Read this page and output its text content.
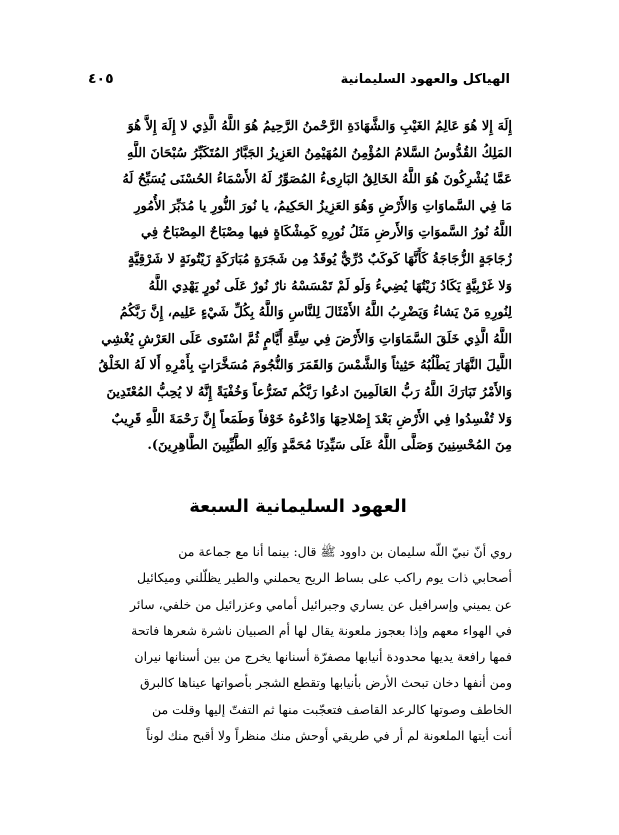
الهياكل والعهود السليمانية
٤٠٥
إِلَهَ إِلا هُوَ عَالِمُ الغَيْبِ وَالشَّهَادَةِ الرَّحْمنُ الرَّحِيمُ هُوَ اللَّهُ الَّذِي لا إِلَهَ إِلاَّ هُوَ
المَلِكُ القُدُّوسُ السَّلامُ المُؤْمِنُ المُهَيْمِنُ العَزِيزُ الجَبَّارُ المُتَكَبِّرُ سُبْحَانَ اللَّهِ
عَمَّا يُشْرِكُونَ هُوَ اللَّهُ الخَالِقُ البَارِىءُ المُصَوِّرُ لَهُ الأَسْمَاءُ الحُسْنَى يُسَبِّحُ لَهُ
مَا فِي السَّماوَاتِ وَالأَرْضِ وَهُوَ العَزِيزُ الحَكِيمُ، يا نُورَ النُّورِ يا مُدَبِّرَ الأُمُورِ
اللَّهُ نُورُ السَّموَاتِ وَالأَرضِ مَثَلُ نُورِهِ كَمِشْكَاةٍ فيها مِصْبَاحٌ المِصْبَاحُ فِي
زُجَاجَةٍ الزُّجَاجَةُ كَأَنَّهَا كَوكَبٌ دُرِّيٌّ يُوقَدُ مِن شَجَرَةٍ مُبَارَكَةٍ زَيْتُونَةٍ لا شَرْقِيَّةٍ
وَلا غَرْبِيَّةٍ يَكَادُ زَيْتُهَا يُضِيءُ وَلَو لَمْ تَمْسَسْهُ نارٌ نُورٌ عَلَى نُورٍ يَهْدِي اللَّهُ
لِنُورِهِ مَنْ يَشاءُ وَيَضْرِبُ اللَّهُ الأَمْثَالَ لِلنَّاسِ وَاللَّهُ بِكُلِّ شَيْءٍ عَلِيم، إِنَّ رَبَّكُمُ
اللَّهُ الَّذِي خَلَقَ السَّمَاوَاتِ وَالأَرْضَ فِي سِتَّةِ أَيَّامٍ ثُمَّ اسْتَوى عَلَى العَرْشِ يُغْشِي
اللَّيلَ النَّهَارَ يَطْلُبُهُ حَثِيثاً وَالشَّمْسَ وَالقَمَرَ وَالنُّجُومَ مُسَخَّرَاتٍ بِأَمْرِهِ أَلا لَهُ الخَلْقُ
وَالأَمْرُ تَبَارَكَ اللَّهُ رَبُّ العَالَمِينَ ادعُوا رَبَّكُم تَضَرُّعاً وَخُفْيَةً إِنَّهُ لا يُحِبُّ المُعْتَدِينَ
وَلا تُفْسِدُوا فِي الأَرْضِ بَعْدَ إِصْلاحِهَا وَادْعُوهُ خَوْفاً وَطَمَعاً إِنَّ رَحْمَةَ اللَّهِ قَرِيبٌ
مِنَ المُحْسِنِينَ وَصَلَّى اللَّهُ عَلَى سَيِّدِنَا مُحَمَّدٍ وَآلِهِ الطَّيِّبِينَ الطَّاهِرِينَ).
العهود السليمانية السبعة
روي أنّ نبيّ اللّه سليمان بن داوود ﷺ قال: بينما أنا مع جماعة من
أصحابي ذات يوم راكب على بساط الريح يحملني والطير يظلّلني وميكائيل
عن يميني وإسرافيل عن يساري وجبرائيل أمامي وعزرائيل من خلفي، سائر
في الهواء معهم وإذا بعجوز ملعونة يقال لها أم الصبيان ناشرة شعرها فاتحة
فمها رافعة يديها محدودة أنيابها مصفرّة أسنانها يخرج من بين أسنانها نيران
ومن أنفها دخان تبحث الأرض بأنيابها وتقطع الشجر بأصواتها عيناها كالبرق
الخاطف وصوتها كالرعد القاصف فتعجّبت منها ثم التفتّ إليها وقلت من
أنت أيتها الملعونة لم أر في طريقي أوحش منك منظراً ولا أقبح منك لوناً
